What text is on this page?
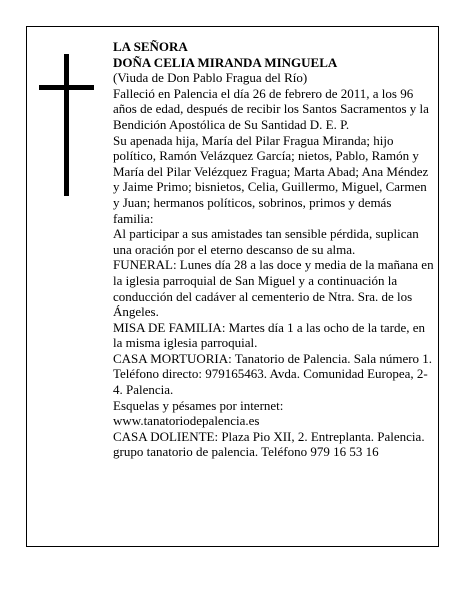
LA SEÑORA

DOÑA CELIA MIRANDA MINGUELA

(Viuda de Don Pablo Fragua del Río)

Falleció en Palencia el día 26 de febrero de 2011, a los 96 años de edad, después de recibir los Santos Sacramentos y la Bendición Apostólica de Su Santidad D. E. P.

Su apenada hija, María del Pilar Fragua Miranda; hijo político, Ramón Velázquez García; nietos, Pablo, Ramón y María del Pilar Velézquez Fragua; Marta Abad; Ana Méndez y Jaime Primo; bisnietos, Celia, Guillermo, Miguel, Carmen y Juan; hermanos políticos, sobrinos, primos y demás familia:

Al participar a sus amistades tan sensible pérdida, suplican una oración por el eterno descanso de su alma.

FUNERAL: Lunes día 28 a las doce y media de la mañana en la iglesia parroquial de San Miguel y a continuación la conducción del cadáver al cementerio de Ntra. Sra. de los Ángeles.

MISA DE FAMILIA: Martes día 1 a las ocho de la tarde, en la misma iglesia parroquial.

CASA MORTUORIA: Tanatorio de Palencia. Sala número 1. Teléfono directo: 979165463. Avda. Comunidad Europea, 2-4. Palencia.

Esquelas y pésames por internet:

www.tanatoriodepalencia.es

CASA DOLIENTE: Plaza Pio XII, 2. Entreplanta. Palencia.

grupo tanatorio de palencia. Teléfono 979 16 53 16
